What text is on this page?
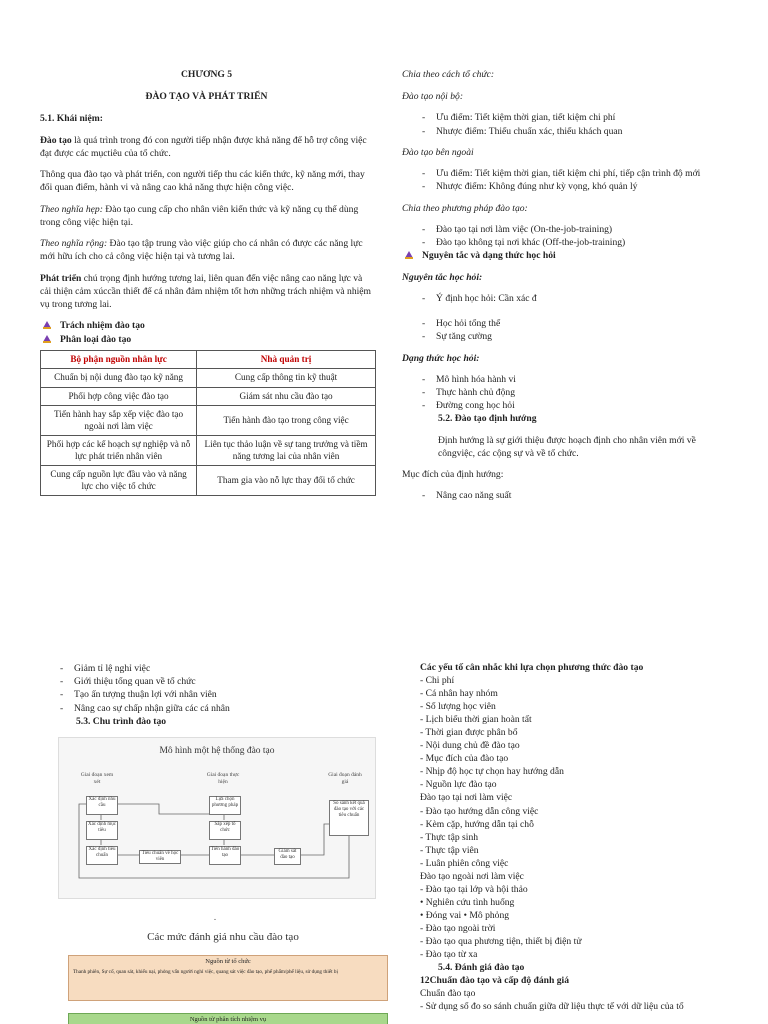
CHƯƠNG 5

ĐÀO TẠO VÀ PHÁT TRIỂN

5.1. Khái niệm:

Đào tạo là quá trình trong đó con người tiếp nhận được khả năng để hỗ trợ công việc đạt được các mụctiêu của tổ chức.

Thông qua đào tạo và phát triển, con người tiếp thu các kiến thức, kỹ năng mới, thay đổi quan điểm, hành vi và nâng cao khả năng thực hiện công việc.

Theo nghĩa hẹp: Đào tạo cung cấp cho nhân viên kiến thức và kỹ năng cụ thể dùng trong công việc hiện tại.

Theo nghĩa rộng: Đào tạo tập trung vào việc giúp cho cá nhân có được các năng lực mới hữu ích cho cả công việc hiện tại và tương lai.

Phát triển chú trọng định hướng tương lai, liên quan đến việc nâng cao năng lực và cải thiện cảm xúccần thiết để cá nhân đảm nhiệm tốt hơn những trách nhiệm và nhiệm vụ trong tương lai.

Trách nhiệm đào tạo
Phân loại đào tạo
Bộ phận nguồn nhân lực	Nhà quản trị
Chuẩn bị nội dung đào tạo kỹ năng	Cung cấp thông tin kỹ thuật
Phối hợp công việc đào tạo	Giám sát nhu cầu đào tạo
Tiến hành hay sắp xếp việc đào tạo ngoài nơi làm việc	Tiến hành đào tạo trong công việc
Phối hợp các kế hoạch sự nghiệp và nỗ lực phát triển nhân viên	Liên tục thảo luận về sự tang trưởng và tiềm năng tương lai của nhân viên
Cung cấp nguồn lực đầu vào và năng lực cho việc tổ chức	Tham gia vào nỗ lực thay đổi tổ chức

Chia theo cách tổ chức:

Đào tạo nội bộ:

- Ưu điểm: Tiết kiệm thời gian, tiết kiệm chi phí
- Nhược điểm: Thiếu chuẩn xác, thiếu khách quan

Đào tạo bên ngoài

- Ưu điểm: Tiết kiệm thời gian, tiết kiệm chi phí, tiếp cận trình độ mới
- Nhược điểm: Không đúng như kỳ vọng, khó quản lý

Chia theo phương pháp đào tạo:

- Đào tạo tại nơi làm việc (On-the-job-training)
- Đào tạo không tại nơi khác (Off-the-job-training)
Nguyên tắc và dạng thức học hỏi

Nguyên tắc học hỏi:

- Ý định học hỏi: Cần xác đ
- Học hỏi tổng thể
- Sự tăng cường

Dạng thức học hỏi:

- Mô hình hóa hành vi
- Thực hành chủ động
- Đường cong học hỏi

5.2. Đào tạo định hướng

Định hướng là sự giới thiệu được hoạch định cho nhân viên mới về côngviệc, các cộng sự và về tổ chức.

Mục đích của định hướng:

- Nâng cao năng suất
- Giảm tỉ lệ nghỉ việc
- Giới thiệu tổng quan về tổ chức
- Tạo ấn tượng thuận lợi với nhân viên
- Nâng cao sự chấp nhận giữa các cá nhân

5.3. Chu trình đào tạo

Mô hình một hệ thống đào tạo
Giai đoạn xem xét
Giai đoạn thực hiện
Giai đoạn đánh giá
Xác định nhu cầu
Xác định mục tiêu
Xác định tiêu chuẩn	Tiêu chuẩn về học viên
Lựa chọn phương pháp
Sắp xếp tổ chức
Tiến hành đào tạo
Giám sát đào tạo
So sánh kết quả đào tạo với các tiêu chuẩn
.
Các mức đánh giá nhu cầu đào tạo
Nguồn từ tổ chức
Thanh phiên, Sự cố, quan sát, khiếu nại, phỏng vấn người nghỉ việc, quang sát việc đào tạo, phế phẩm/phế liệu, sử dụng thiết bị
Nguồn từ phân tích nhiệm vụ

Các yếu tố cân nhắc khi lựa chọn phương thức đào tạo

- Chi phí

- Cá nhân hay nhóm

- Số lượng học viên

- Lịch biểu thời gian hoàn tất

- Thời gian được phân bổ

- Nội dung chủ đề đào tạo

- Mục đích của đào tạo

- Nhịp độ học tự chọn hay hướng dẫn

- Nguồn lực đào tạo

Đào tạo tại nơi làm việc

- Đào tạo hướng dẫn công việc

- Kèm cặp, hướng dẫn tại chỗ

- Thực tập sinh

- Thực tập viên

- Luân phiên công việc

Đào tạo ngoài nơi làm việc

- Đào tạo tại lớp và hội thảo

• Nghiên cứu tình huống

• Đóng vai • Mô phỏng

- Đào tạo ngoài trời

- Đào tạo qua phương tiện, thiết bị điện tử

- Đào tạo từ xa

5.4. Đánh giá đào tạo

12Chuẩn đào tạo và cấp độ đánh giá

Chuẩn đào tạo

- Sử dụng sổ đo so sánh chuẩn giữa dữ liệu thực tế với dữ liệu của tổ
